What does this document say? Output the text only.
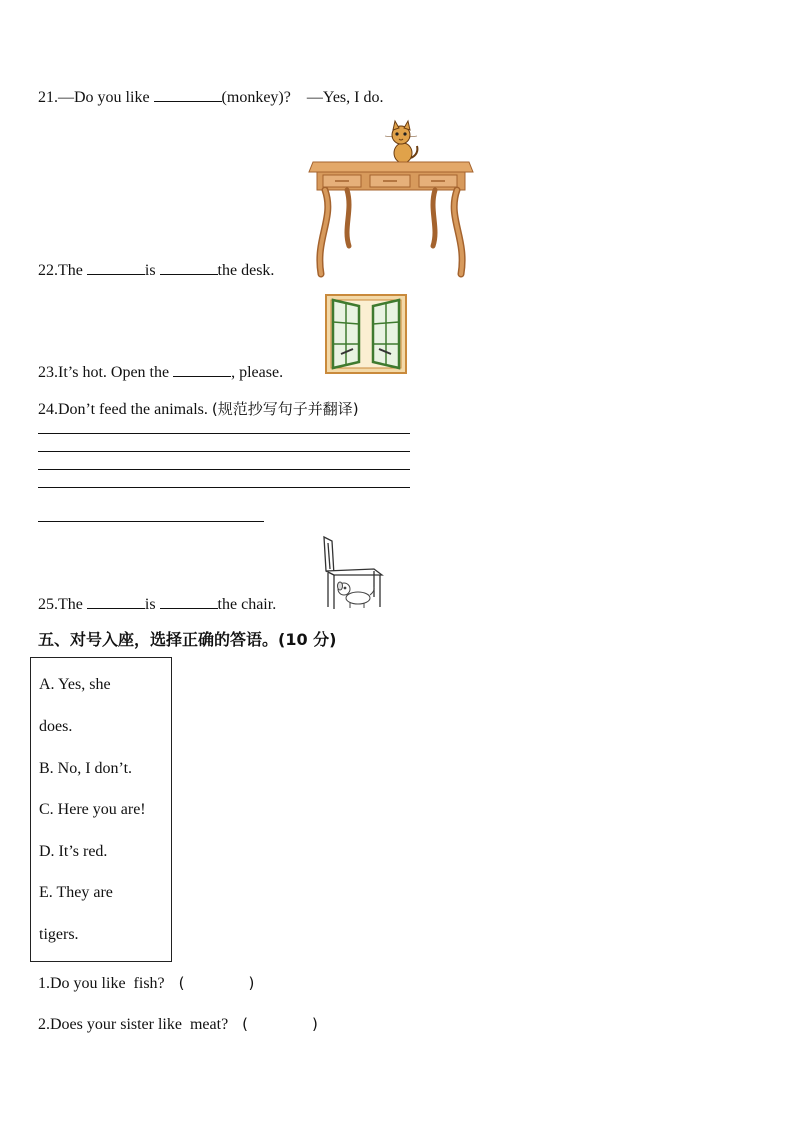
21.—Do you like	(monkey)? —Yes, I do.
22.The	is	the desk.
23.It’s hot. Open the	, please.
24.Don’t feed the animals. (规范抄写句子并翻译)
25.The	is	the chair.
五、对号入座，选择正确的答语。(10 分)
A. Yes, she
does.
B. No, I don’t.
C. Here you are!
D. It’s red.
E. They are
tigers.
1.Do you like  fish? (	)
2.Does your sister like  meat? (	)
